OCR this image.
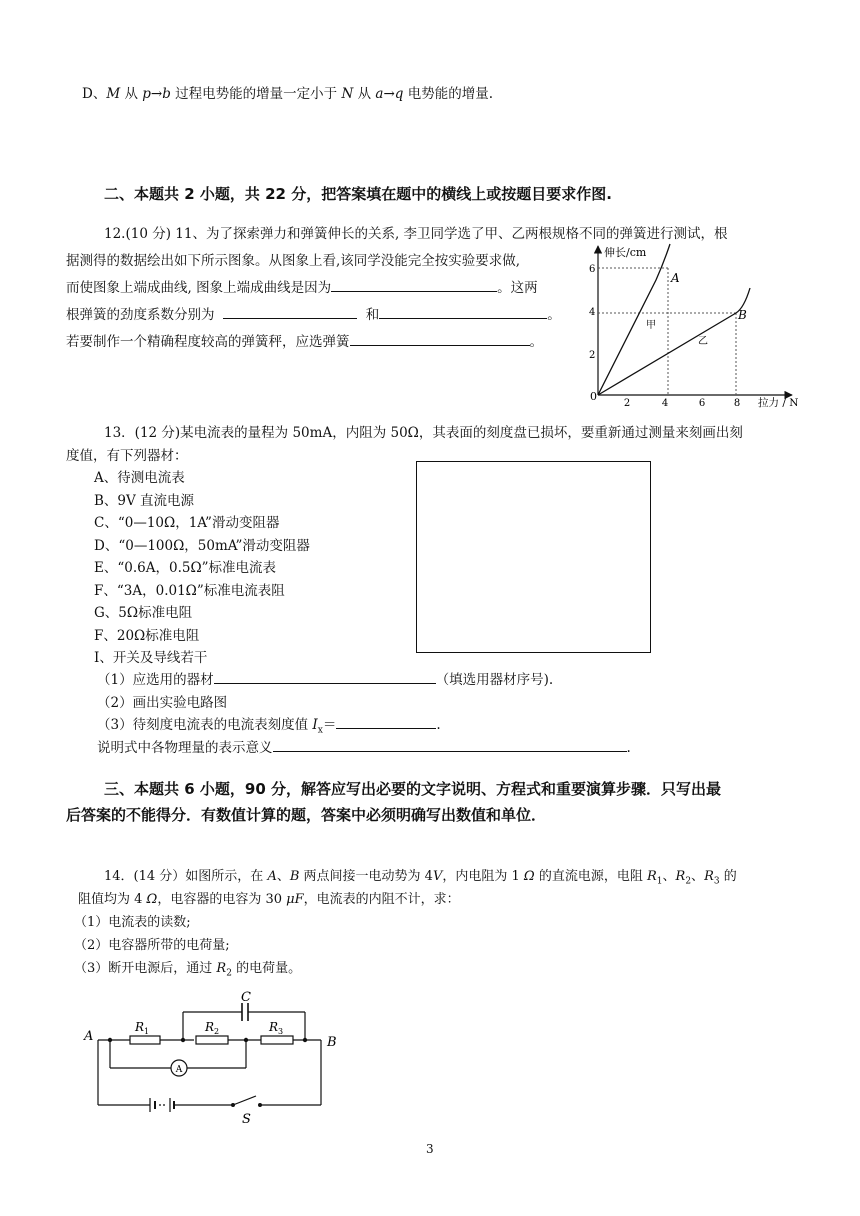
D、M 从 p→b 过程电势能的增量一定小于 N 从 a→q 电势能的增量.
二、本题共 2 小题，共 22 分，把答案填在题中的横线上或按题目要求作图.
12.(10 分) 11、为了探索弹力和弹簧伸长的关系, 李卫同学选了甲、乙两根规格不同的弹簧进行测试，根
据测得的数据绘出如下所示图象。从图象上看,该同学没能完全按实验要求做,
而使图象上端成曲线, 图象上端成曲线是因为	。这两
根弹簧的劲度系数分别为	和	。
若要制作一个精确程度较高的弹簧秤，应选弹簧	。
伸长/cm
0
2	4	6	8 拉力 / N
2
4
6
A
B
甲
乙
13．(12 分)某电流表的量程为 50mA，内阻为 50Ω，其表面的刻度盘已损坏，要重新通过测量来刻画出刻
度值，有下列器材：
A、待测电流表
B、9V 直流电源
C、“0—10Ω，1A”滑动变阻器
D、“0—100Ω，50mA”滑动变阻器
E、“0.6A，0.5Ω”标准电流表
F、“3A，0.01Ω”标准电流表阻
G、5Ω标准电阻
F、20Ω标准电阻
I、开关及导线若干
（1）应选用的器材	（填选用器材序号).
（2）画出实验电路图
（3）待刻度电流表的电流表刻度值 $I_x=$	.
说明式中各物理量的表示意义	.
三、本题共 6 小题，90 分，解答应写出必要的文字说明、方程式和重要演算步骤．只写出最
后答案的不能得分．有数值计算的题，答案中必须明确写出数值和单位．
14．(14 分）如图所示，在 A、B 两点间接一电动势为 4V，内电阻为 1 Ω 的直流电源，电阻 $R_1$、$R_2$、$R_3$ 的
阻值均为 4 Ω，电容器的电容为 30 μF，电流表的内阻不计，求：
（1）电流表的读数;
（2）电容器所带的电荷量;
（3）断开电源后，通过 $R_2$ 的电荷量。
A	B
C
S
$R_1$	$R_2$	$R_3$
A
3
